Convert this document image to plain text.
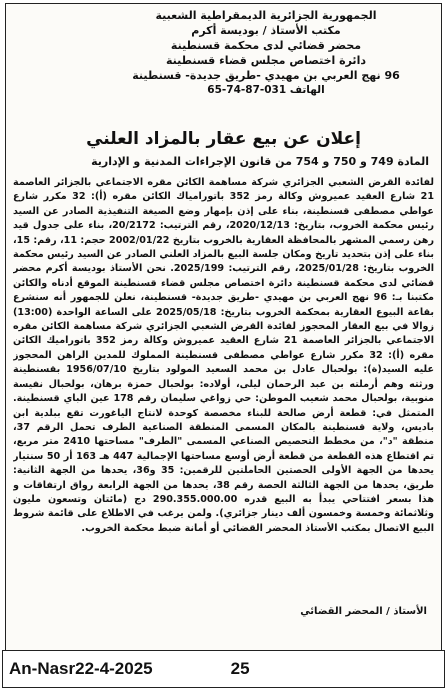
الجمهورية الجزائرية الديمقراطية الشعبية
مكتب الأستاذ / بوديسة أكرم
محضر قضائي لدى محكمة قسنطينة
دائرة اختصاص مجلس قضاء قسنطينة
96 نهج العربي بن مهيدي -طريق جديدة- قسنطينة
الهاتف 031-87-74-65
إعلان عن بيع عقار بالمزاد العلني
المادة 749 و 750 و 754 من قانون الإجراءات المدنية و الإدارية

لفائدة القرض الشعبي الجزائري شركة مساهمة الكائن مقره الاجتماعي بالجزائر العاصمة 21 شارع العقيد عميروش وكالة رمز 352 باتورامياك الكائن مقره (أ): 32 مكرر شارع عواطي مصطفى قسنطينة، بناء على إذن بإمهار وضع الصيغة التنفيذية الصادر عن السيد رئيس محكمة الخروب، بتاريخ: 2020/12/13، رقم الترتيب: 20/2172، بناء على جدول قيد رهن رسمي المشهر بالمحافظة العقارية بالخروب بتاريخ 2002/01/22 حجم: 11، رقم: 15، بناء على إذن بتحديد تاريخ ومكان جلسة البيع بالمزاد العلني الصادر عن السيد رئيس محكمة الخروب بتاريخ: 2025/01/28، رقم الترتيب: 2025/199. نحن الأستاذ بوديسة أكرم محضر قضائي لدى محكمة قسنطينة دائرة اختصاص مجلس قضاء قسنطينة الموقع أدناه والكائن مكتبنا بـ: 96 نهج العربي بن مهيدي -طريق جديدة- قسنطينة، نعلن للجمهور أنه سنشرع بقاعة البيوع العقارية بمحكمة الخروب بتاريخ: 2025/05/18 على الساعة الواحدة (13:00) زوالا في بيع العقار المحجوز لفائدة القرض الشعبي الجزائري شركة مساهمة الكائن مقره الاجتماعي بالجزائر العاصمة 21 شارع العقيد عميروش وكالة رمز 352 باتوراميك الكائن مقره (أ): 32 مكرر شارع عواطي مصطفى قسنطينة المملوك للمدين الراهن المحجوز عليه السيد(ة): بولحبال عادل بن محمد السعيد المولود بتاريخ 1956/07/10 بقسنطينة ورثته وهم أرملته بن عبد الرحمان ليلى، أولاده: بولحبال حمزة برهان، بولحبال نفيسة منوبية، بولحبال محمد شعيب الموطن: حي زواغي سليمان رقم 178 عين الباي قسنطينة. المتمثل في: قطعة أرض صالحة للبناء مخصصة كوحدة لانتاج الياغورت تقع ببلدية ابن باديس، ولاية قسنطينة بالمكان المسمى المنطقة الصناعية الطرف تحمل الرقم 37، منطقة "د"، من مخطط التحصيص الصناعي المسمى "الطرف" مساحتها 2410 متر مربع، تم اقتطاع هذه القطعة من قطعة أرض أوسع مساحتها الإجمالية 447 هـ 163 أر 50 سنتيار يحدها من الجهة الأولى الحصتين الحاملتين للرقمين: 35 و36، يحدها من الجهة الثانية: طريق، يحدها من الجهة الثالثة الحصة رقم 38، يحدها من الجهة الرابعة رواق ارتفاقات و هذا بسعر افتتاحي يبدأ به البيع قدره 290.355.000.00 دج (مائتان وتسعون مليون وثلاثمائة وخمسة وخمسون ألف دينار جزائري). ولمن يرغب في الاطلاع على قائمة شروط البيع الاتصال بمكتب الأستاذ المحضر القضائي أو أمانة ضبط محكمة الخروب.

الأستاذ / المحضر القضائي
An-Nasr22-4-2025	25
